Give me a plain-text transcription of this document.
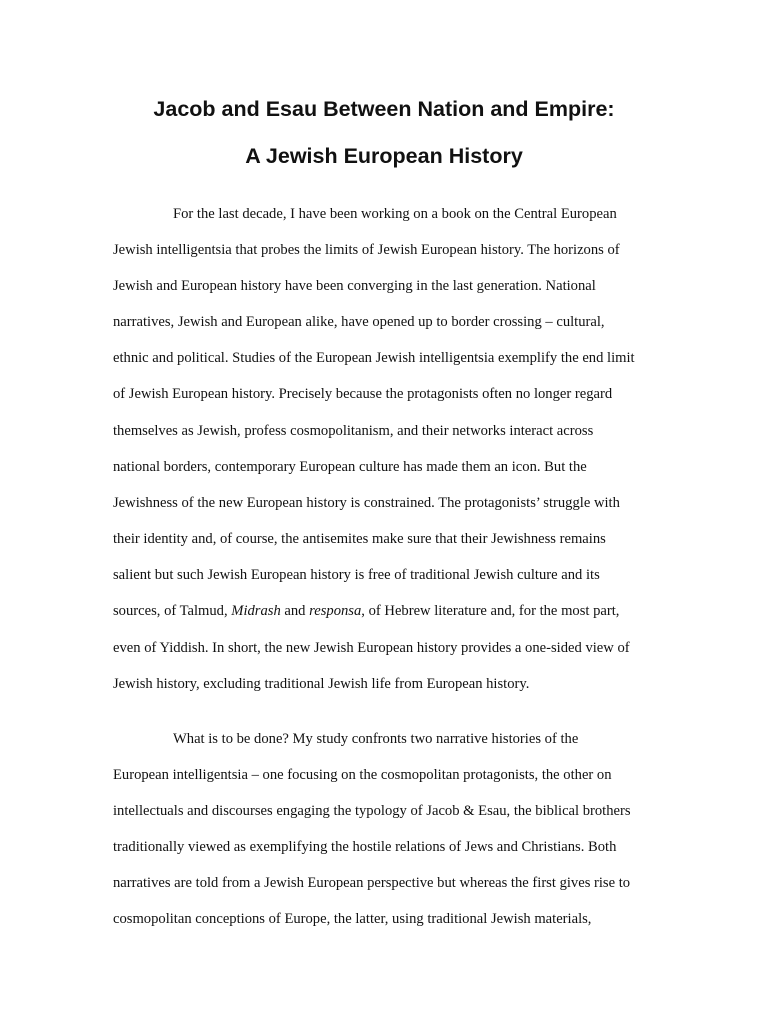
Jacob and Esau Between Nation and Empire:
A Jewish European History

For the last decade, I have been working on a book on the Central European

Jewish intelligentsia that probes the limits of Jewish European history. The horizons of

Jewish and European history have been converging in the last generation. National

narratives, Jewish and European alike, have opened up to border crossing – cultural,

ethnic and political. Studies of the European Jewish intelligentsia exemplify the end limit

of Jewish European history. Precisely because the protagonists often no longer regard

themselves as Jewish, profess cosmopolitanism, and their networks interact across

national borders, contemporary European culture has made them an icon. But the

Jewishness of the new European history is constrained. The protagonists’ struggle with

their identity and, of course, the antisemites make sure that their Jewishness remains

salient but such Jewish European history is free of traditional Jewish culture and its

sources, of Talmud, Midrash and responsa, of Hebrew literature and, for the most part,

even of Yiddish. In short, the new Jewish European history provides a one-sided view of

Jewish history, excluding traditional Jewish life from European history.

What is to be done? My study confronts two narrative histories of the

European intelligentsia – one focusing on the cosmopolitan protagonists, the other on

intellectuals and discourses engaging the typology of Jacob & Esau, the biblical brothers

traditionally viewed as exemplifying the hostile relations of Jews and Christians. Both

narratives are told from a Jewish European perspective but whereas the first gives rise to

cosmopolitan conceptions of Europe, the latter, using traditional Jewish materials,
